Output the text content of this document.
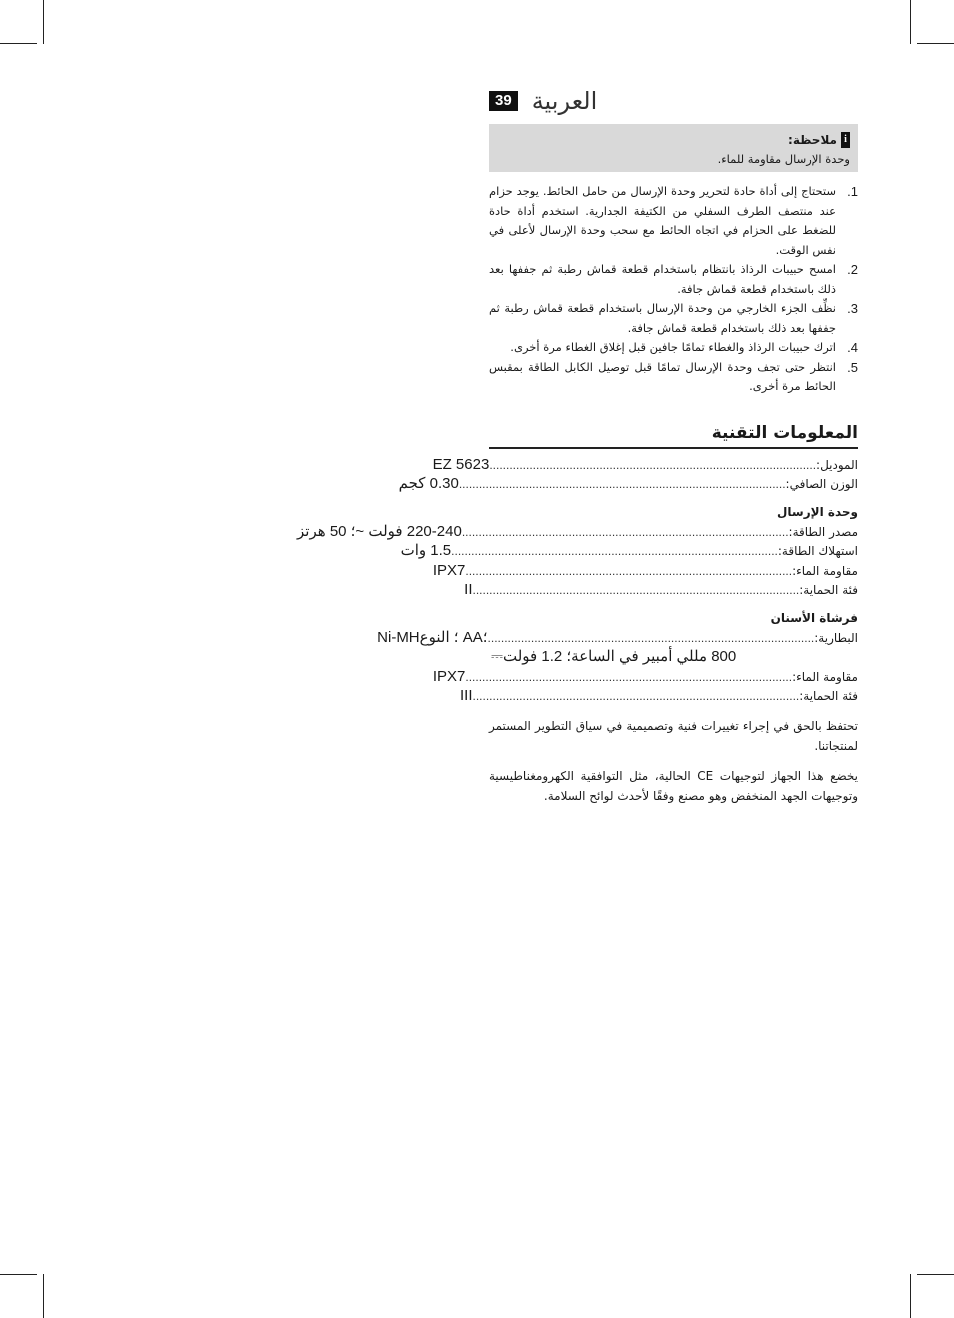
العربية
39
i
ملاحظة:
وحدة الإرسال مقاومة للماء.
1.
ستحتاج إلى أداة حادة لتحرير وحدة الإرسال من حامل الحائط. يوجد حزام عند منتصف الطرف السفلي من الكتيفة الجدارية. استخدم أداة حادة للضغط على الحزام في اتجاه الحائط مع سحب وحدة الإرسال لأعلى في نفس الوقت.
2.
امسح حبيبات الرذاذ بانتظام باستخدام قطعة قماش رطبة ثم جففها بعد ذلك باستخدام قطعة قماش جافة.
3.
نظِّف الجزء الخارجي من وحدة الإرسال باستخدام قطعة قماش رطبة ثم جففها بعد ذلك باستخدام قطعة قماش جافة.
4.
اترك حبيبات الرذاذ والغطاء تمامًا جافين قبل إغلاق الغطاء مرة أخرى.
5.
انتظر حتى تجف وحدة الإرسال تمامًا قبل توصيل الكابل الطاقة بمقبس الحائط مرة أخرى.
المعلومات التقنية
الموديل:
..................................................................................................
EZ 5623
الوزن الصافي:
..................................................................................................
0.30 كجم
وحدة الإرسال
مصدر الطاقة:
..................................................................................................
220-240 فولت ~؛ 50 هرتز
استهلاك الطاقة:
..................................................................................................
1.5 وات
مقاومة الماء:
..................................................................................................
IPX7
فئة الحماية:
..................................................................................................
II
فرشاة الأسنان
البطارية:
..................................................................................................
Ni-MH؛ النوع AA؛
800 مللي أمبير في الساعة؛ 1.2 فولت⎓
مقاومة الماء:
..................................................................................................
IPX7
فئة الحماية:
..................................................................................................
III
تحتفظ بالحق في إجراء تغييرات فنية وتصميمية في سياق التطوير المستمر لمنتجاتنا.
يخضع هذا الجهاز لتوجيهات CE الحالية، مثل التوافقية الكهرومغناطيسية وتوجيهات الجهد المنخفض وهو مصنع وفقًا لأحدث لوائح السلامة.
